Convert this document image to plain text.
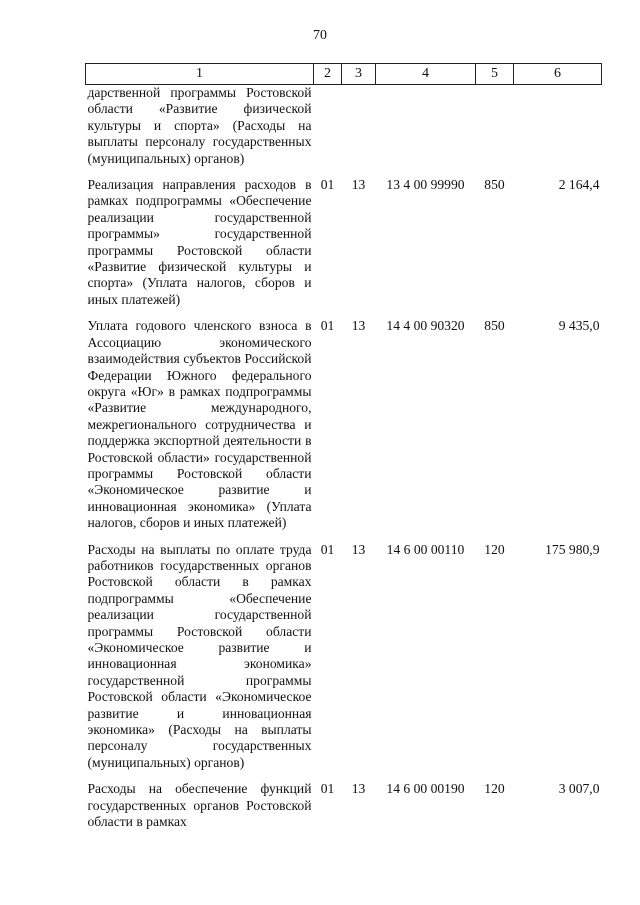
70
1	2	3	4	5	6
дарственной программы Ростовской области «Развитие физической культуры и спорта» (Расходы на выплаты персоналу государственных (муниципальных) органов)					
Реализация направления расходов в рамках подпрограммы «Обеспечение реализации государственной программы» государственной программы Ростовской области «Развитие физической культуры и спорта» (Уплата налогов, сборов и иных платежей)	01	13	13 4 00 99990	850	2 164,4
Уплата годового членского взноса в Ассоциацию экономического взаимодействия субъектов Российской Федерации Южного федерального округа «Юг» в рамках подпрограммы «Развитие международного, межрегионального сотрудничества и поддержка экспортной деятельности в Ростовской области» государственной программы Ростовской области «Экономическое развитие и инновационная экономика» (Уплата налогов, сборов и иных платежей)	01	13	14 4 00 90320	850	9 435,0
Расходы на выплаты по оплате труда работников государственных органов Ростовской области в рамках подпрограммы «Обеспечение реализации государственной программы Ростовской области «Экономическое развитие и инновационная экономика» государственной программы Ростовской области «Экономическое развитие и инновационная экономика» (Расходы на выплаты персоналу государственных (муниципальных) органов)	01	13	14 6 00 00110	120	175 980,9
Расходы на обеспечение функций государственных органов Ростовской области в рамках	01	13	14 6 00 00190	120	3 007,0
